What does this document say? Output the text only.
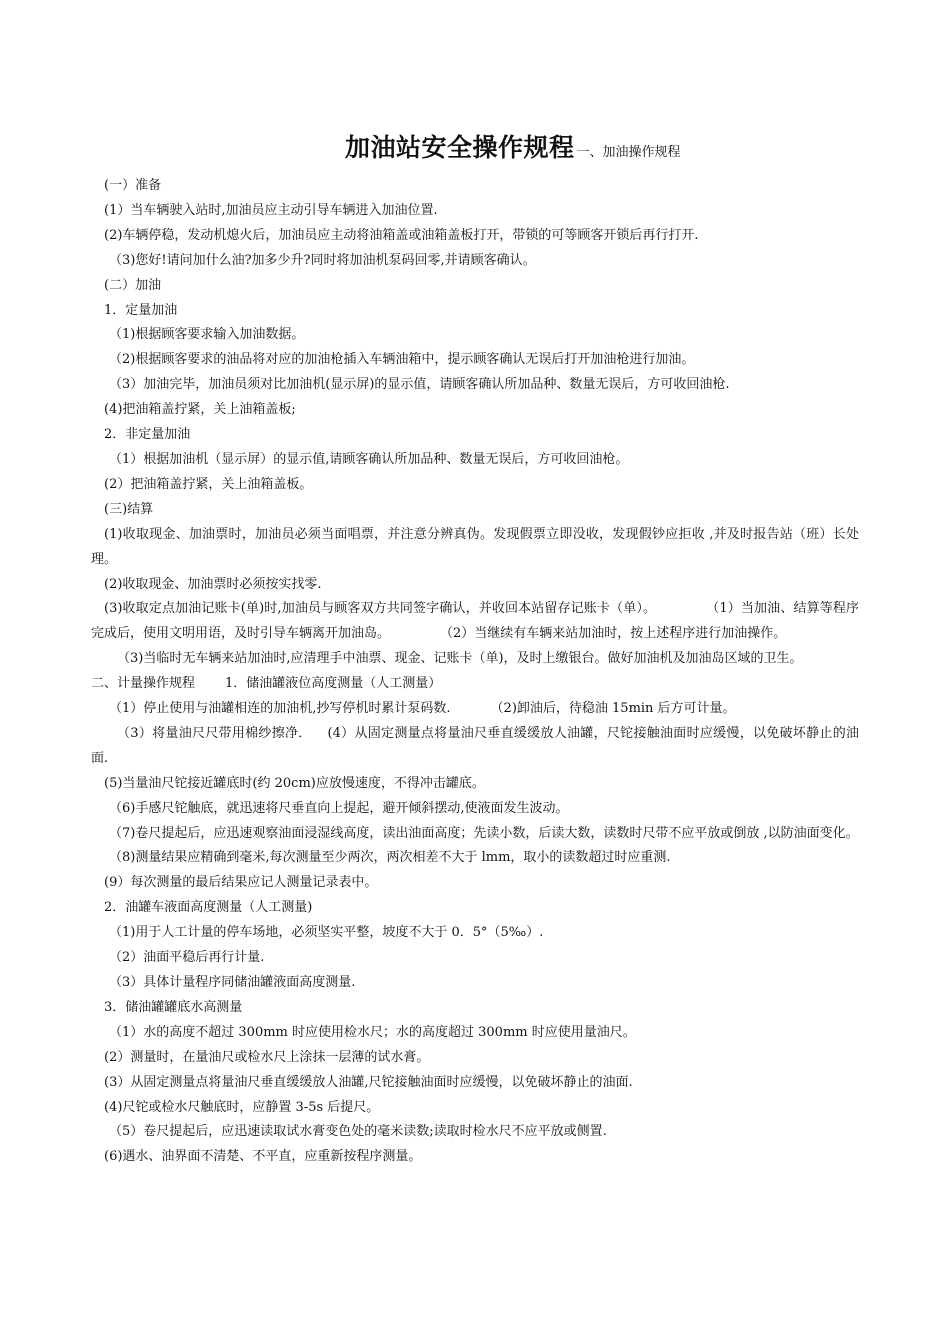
加油站安全操作规程 一、加油操作规程

(一）准备

(1）当车辆驶入站时,加油员应主动引导车辆进入加油位置.

(2)车辆停稳，发动机熄火后，加油员应主动将油箱盖或油箱盖板打开，带锁的可等顾客开锁后再行打开.

（3)您好!请问加什么油?加多少升?同时将加油机泵码回零,并请顾客确认。

(二）加油

1．定量加油

（1)根据顾客要求输入加油数据。

（2)根据顾客要求的油品将对应的加油枪插入车辆油箱中，提示顾客确认无误后打开加油枪进行加油。

（3）加油完毕，加油员须对比加油机(显示屏)的显示值，请顾客确认所加品种、数量无误后，方可收回油枪.

(4)把油箱盖拧紧，关上油箱盖板;

2．非定量加油

（1）根据加油机（显示屏）的显示值,请顾客确认所加品种、数量无误后，方可收回油枪。

(2）把油箱盖拧紧，关上油箱盖板。

(三)结算

(1)收取现金、加油票时，加油员必须当面唱票，并注意分辨真伪。发现假票立即没收，发现假钞应拒收 ,并及时报告站（班）长处理。

(2)收取现金、加油票时必须按实找零.

(3)收取定点加油记账卡(单)时,加油员与顾客双方共同签字确认，并收回本站留存记账卡（单）。	（1）当加油、结算等程序完成后，使用文明用语，及时引导车辆离开加油岛。	（2）当继续有车辆来站加油时，按上述程序进行加油操作。

（3)当临时无车辆来站加油时,应清理手中油票、现金、记账卡（单)，及时上缴银台。做好加油机及加油岛区域的卫生。

二、计量操作规程 1．储油罐液位高度测量（人工测量）

（1）停止使用与油罐相连的加油机,抄写停机时累计泵码数.	（2)卸油后，待稳油 15min 后方可计量。

（3）将量油尺尺带用棉纱擦净． (4）从固定测量点将量油尺垂直缓缓放人油罐，尺铊接触油面时应缓慢，以免破坏静止的油面.

(5)当量油尺铊接近罐底时(约 20cm)应放慢速度，不得冲击罐底。

（6)手感尺铊触底，就迅速将尺垂直向上提起，避开倾斜摆动,使液面发生波动。

（7)卷尺提起后，应迅速观察油面浸湿线高度，读出油面高度；先读小数，后读大数，读数时尺带不应平放或倒放 ,以防油面变化。

（8)测量结果应精确到毫米,每次测量至少两次，两次相差不大于 lmm，取小的读数超过时应重测.

(9）每次测量的最后结果应记人测量记录表中。

2．油罐车液面高度测量（人工测量)

（1)用于人工计量的停车场地，必须坚实平整，坡度不大于 0．5°（5‰）.

（2）油面平稳后再行计量.

（3）具体计量程序同储油罐液面高度测量.

3．储油罐罐底水高测量

（1）水的高度不超过 300mm 时应使用检水尺；水的高度超过 300mm 时应使用量油尺。

(2）测量时，在量油尺或检水尺上涂抹一层薄的试水膏。

(3）从固定测量点将量油尺垂直缓缓放人油罐,尺铊接触油面时应缓慢，以免破坏静止的油面.

(4)尺铊或检水尺触底时，应静置 3-5s 后提尺。

（5）卷尺提起后，应迅速读取试水膏变色处的毫米读数;读取时检水尺不应平放或侧置.

(6)遇水、油界面不清楚、不平直，应重新按程序测量。
